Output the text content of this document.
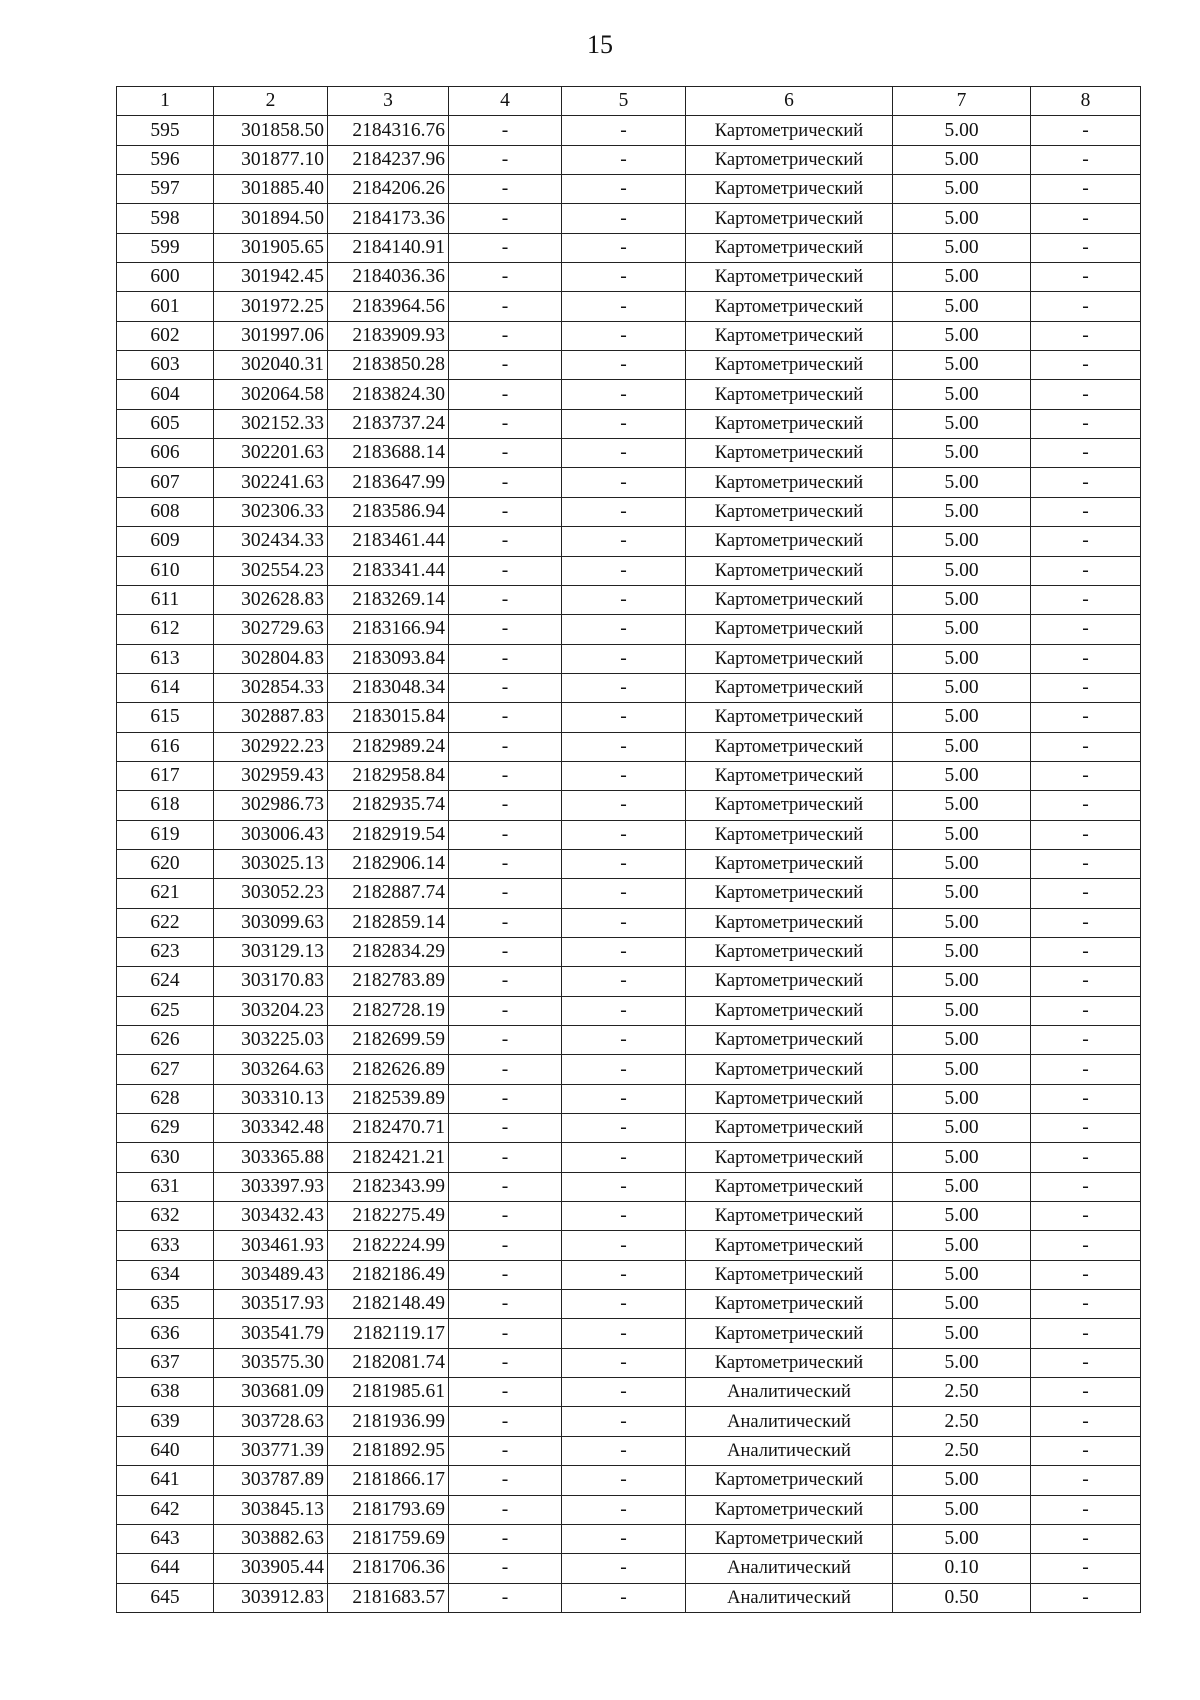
15
1	2	3	4	5	6	7	8
595	301858.50	2184316.76	-	-	Картометрический	5.00	-
596	301877.10	2184237.96	-	-	Картометрический	5.00	-
597	301885.40	2184206.26	-	-	Картометрический	5.00	-
598	301894.50	2184173.36	-	-	Картометрический	5.00	-
599	301905.65	2184140.91	-	-	Картометрический	5.00	-
600	301942.45	2184036.36	-	-	Картометрический	5.00	-
601	301972.25	2183964.56	-	-	Картометрический	5.00	-
602	301997.06	2183909.93	-	-	Картометрический	5.00	-
603	302040.31	2183850.28	-	-	Картометрический	5.00	-
604	302064.58	2183824.30	-	-	Картометрический	5.00	-
605	302152.33	2183737.24	-	-	Картометрический	5.00	-
606	302201.63	2183688.14	-	-	Картометрический	5.00	-
607	302241.63	2183647.99	-	-	Картометрический	5.00	-
608	302306.33	2183586.94	-	-	Картометрический	5.00	-
609	302434.33	2183461.44	-	-	Картометрический	5.00	-
610	302554.23	2183341.44	-	-	Картометрический	5.00	-
611	302628.83	2183269.14	-	-	Картометрический	5.00	-
612	302729.63	2183166.94	-	-	Картометрический	5.00	-
613	302804.83	2183093.84	-	-	Картометрический	5.00	-
614	302854.33	2183048.34	-	-	Картометрический	5.00	-
615	302887.83	2183015.84	-	-	Картометрический	5.00	-
616	302922.23	2182989.24	-	-	Картометрический	5.00	-
617	302959.43	2182958.84	-	-	Картометрический	5.00	-
618	302986.73	2182935.74	-	-	Картометрический	5.00	-
619	303006.43	2182919.54	-	-	Картометрический	5.00	-
620	303025.13	2182906.14	-	-	Картометрический	5.00	-
621	303052.23	2182887.74	-	-	Картометрический	5.00	-
622	303099.63	2182859.14	-	-	Картометрический	5.00	-
623	303129.13	2182834.29	-	-	Картометрический	5.00	-
624	303170.83	2182783.89	-	-	Картометрический	5.00	-
625	303204.23	2182728.19	-	-	Картометрический	5.00	-
626	303225.03	2182699.59	-	-	Картометрический	5.00	-
627	303264.63	2182626.89	-	-	Картометрический	5.00	-
628	303310.13	2182539.89	-	-	Картометрический	5.00	-
629	303342.48	2182470.71	-	-	Картометрический	5.00	-
630	303365.88	2182421.21	-	-	Картометрический	5.00	-
631	303397.93	2182343.99	-	-	Картометрический	5.00	-
632	303432.43	2182275.49	-	-	Картометрический	5.00	-
633	303461.93	2182224.99	-	-	Картометрический	5.00	-
634	303489.43	2182186.49	-	-	Картометрический	5.00	-
635	303517.93	2182148.49	-	-	Картометрический	5.00	-
636	303541.79	2182119.17	-	-	Картометрический	5.00	-
637	303575.30	2182081.74	-	-	Картометрический	5.00	-
638	303681.09	2181985.61	-	-	Аналитический	2.50	-
639	303728.63	2181936.99	-	-	Аналитический	2.50	-
640	303771.39	2181892.95	-	-	Аналитический	2.50	-
641	303787.89	2181866.17	-	-	Картометрический	5.00	-
642	303845.13	2181793.69	-	-	Картометрический	5.00	-
643	303882.63	2181759.69	-	-	Картометрический	5.00	-
644	303905.44	2181706.36	-	-	Аналитический	0.10	-
645	303912.83	2181683.57	-	-	Аналитический	0.50	-
